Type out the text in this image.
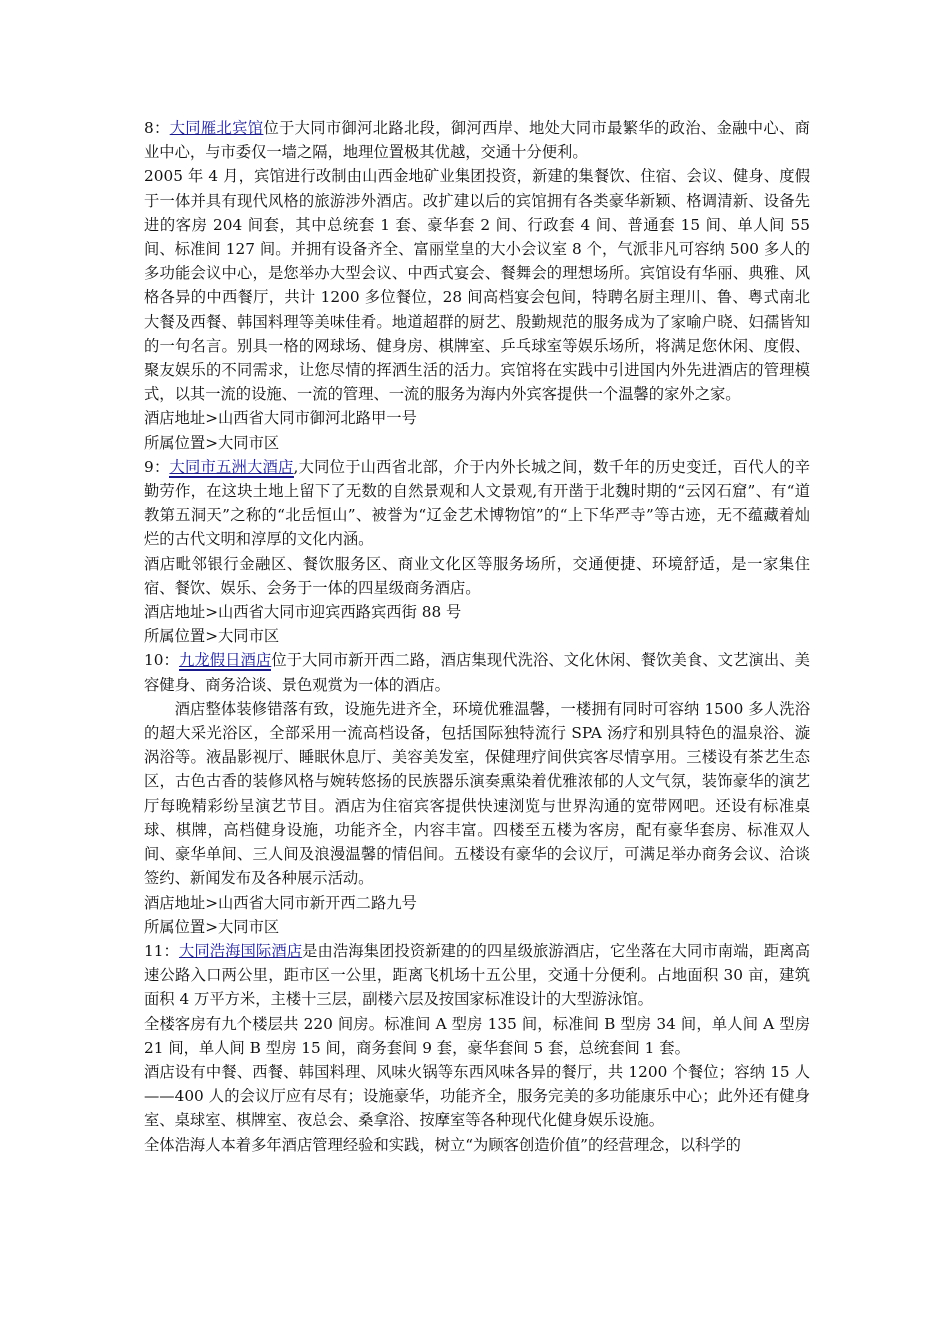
8：大同雁北宾馆位于大同市御河北路北段，御河西岸、地处大同市最繁华的政治、金融中心、商业中心，与市委仅一墙之隔，地理位置极其优越，交通十分便利。

2005 年 4 月，宾馆进行改制由山西金地矿业集团投资，新建的集餐饮、住宿、会议、健身、度假于一体并具有现代风格的旅游涉外酒店。改扩建以后的宾馆拥有各类豪华新颖、格调清新、设备先进的客房 204 间套，其中总统套 1 套、豪华套 2 间、行政套 4 间、普通套 15 间、单人间 55 间、标准间 127 间。并拥有设备齐全、富丽堂皇的大小会议室 8 个，气派非凡可容纳 500 多人的多功能会议中心，是您举办大型会议、中西式宴会、餐舞会的理想场所。宾馆设有华丽、典雅、风格各异的中西餐厅，共计 1200 多位餐位，28 间高档宴会包间，特聘名厨主理川、鲁、粤式南北大餐及西餐、韩国料理等美味佳肴。地道超群的厨艺、殷勤规范的服务成为了家喻户晓、妇孺皆知的一句名言。别具一格的网球场、健身房、棋牌室、乒乓球室等娱乐场所，将满足您休闲、度假、聚友娱乐的不同需求，让您尽情的挥洒生活的活力。宾馆将在实践中引进国内外先进酒店的管理模式，以其一流的设施、一流的管理、一流的服务为海内外宾客提供一个温馨的家外之家。

酒店地址>山西省大同市御河北路甲一号

所属位置>大同市区

9：大同市五洲大酒店,大同位于山西省北部，介于内外长城之间，数千年的历史变迁，百代人的辛勤劳作，在这块土地上留下了无数的自然景观和人文景观,有开凿于北魏时期的“云冈石窟”、有“道教第五洞天”之称的“北岳恒山”、被誉为“辽金艺术博物馆”的“上下华严寺”等古迹，无不蕴藏着灿烂的古代文明和淳厚的文化内涵。

酒店毗邻银行金融区、餐饮服务区、商业文化区等服务场所，交通便捷、环境舒适，是一家集住宿、餐饮、娱乐、会务于一体的四星级商务酒店。

酒店地址>山西省大同市迎宾西路宾西街 88 号

所属位置>大同市区

10：九龙假日酒店位于大同市新开西二路，酒店集现代洗浴、文化休闲、餐饮美食、文艺演出、美容健身、商务洽谈、景色观赏为一体的酒店。

酒店整体装修错落有致，设施先进齐全，环境优雅温馨，一楼拥有同时可容纳 1500 多人洗浴的超大采光浴区，全部采用一流高档设备，包括国际独特流行 SPA 汤疗和别具特色的温泉浴、漩涡浴等。液晶影视厅、睡眠休息厅、美容美发室，保健理疗间供宾客尽情享用。三楼设有茶艺生态区，古色古香的装修风格与婉转悠扬的民族器乐演奏熏染着优雅浓郁的人文气氛，装饰豪华的演艺厅每晚精彩纷呈演艺节目。酒店为住宿宾客提供快速浏览与世界沟通的宽带网吧。还设有标准桌球、棋牌，高档健身设施，功能齐全，内容丰富。四楼至五楼为客房，配有豪华套房、标准双人间、豪华单间、三人间及浪漫温馨的情侣间。五楼设有豪华的会议厅，可满足举办商务会议、洽谈签约、新闻发布及各种展示活动。

酒店地址>山西省大同市新开西二路九号

所属位置>大同市区

11：大同浩海国际酒店是由浩海集团投资新建的的四星级旅游酒店，它坐落在大同市南端，距离高速公路入口两公里，距市区一公里，距离飞机场十五公里，交通十分便利。占地面积 30 亩，建筑面积 4 万平方米，主楼十三层，副楼六层及按国家标准设计的大型游泳馆。

全楼客房有九个楼层共 220 间房。标准间 A 型房 135 间，标准间 B 型房 34 间，单人间 A 型房 21 间，单人间 B 型房 15 间，商务套间 9 套，豪华套间 5 套，总统套间 1 套。

酒店设有中餐、西餐、韩国料理、风味火锅等东西风味各异的餐厅，共 1200 个餐位；容纳 15 人——400 人的会议厅应有尽有；设施豪华，功能齐全，服务完美的多功能康乐中心；此外还有健身室、桌球室、棋牌室、夜总会、桑拿浴、按摩室等各种现代化健身娱乐设施。

全体浩海人本着多年酒店管理经验和实践，树立“为顾客创造价值”的经营理念，以科学的
